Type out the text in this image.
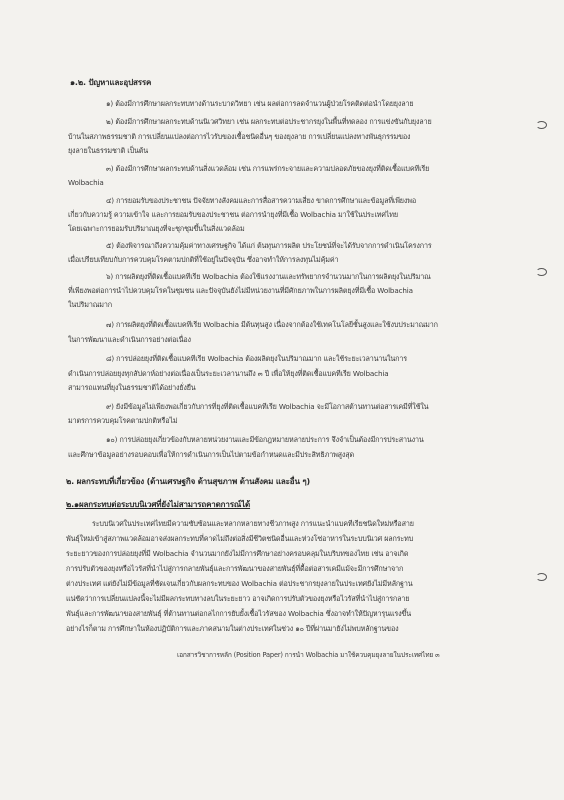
๑.๒. ปัญหาและอุปสรรค
๑) ต้องมีการศึกษาผลกระทบทางด้านระบาดวิทยา เช่น ผลต่อการลดจำนวนผู้ป่วยโรคติดต่อนำโดยยุงลาย
๒) ต้องมีการศึกษาผลกระทบด้านนิเวศวิทยา เช่น ผลกระทบต่อประชากรยุงในพื้นที่ทดลอง การแข่งขันกับยุงลาย
บ้านในสภาพธรรมชาติ การเปลี่ยนแปลงต่อการไวรับของเชื้อชนิดอื่นๆ ของยุงลาย การเปลี่ยนแปลงทางพันธุกรรมของ
ยุงลายในธรรมชาติ เป็นต้น
๓) ต้องมีการศึกษาผลกระทบด้านสิ่งแวดล้อม เช่น การแพร่กระจายและความปลอดภัยของยุงที่ติดเชื้อแบคทีเรีย
Wolbachia
๔) การยอมรับของประชาชน ปัจจัยทางสังคมและการสื่อสารความเสี่ยง ขาดการศึกษาและข้อมูลที่เพียงพอ
เกี่ยวกับความรู้ ความเข้าใจ และการยอมรับของประชาชน ต่อการนำยุงที่มีเชื้อ Wolbachia มาใช้ในประเทศไทย
โดยเฉพาะการยอมรับปริมาณยุงที่จะชุกชุมขึ้นในสิ่งแวดล้อม
๕) ต้องพิจารณาถึงความคุ้มค่าทางเศรษฐกิจ ได้แก่ ต้นทุนการผลิต ประโยชน์ที่จะได้รับจากการดำเนินโครงการ
เมื่อเปรียบเทียบกับการควบคุมโรคตามปกติที่ใช้อยู่ในปัจจุบัน ซึ่งอาจทำให้การลงทุนไม่คุ้มค่า
๖) การผลิตยุงที่ติดเชื้อแบคทีเรีย Wolbachia ต้องใช้แรงงานและทรัพยากรจำนวนมากในการผลิตยุงในปริมาณ
ที่เพียงพอต่อการนำไปควบคุมโรคในชุมชน และปัจจุบันยังไม่มีหน่วยงานที่มีศักยภาพในการผลิตยุงที่มีเชื้อ Wolbachia
ในปริมาณมาก
๗) การผลิตยุงที่ติดเชื้อแบคทีเรีย Wolbachia มีต้นทุนสูง เนื่องจากต้องใช้เทคโนโลยีชั้นสูงและใช้งบประมาณมาก
ในการพัฒนาและดำเนินการอย่างต่อเนื่อง
๘) การปล่อยยุงที่ติดเชื้อแบคทีเรีย Wolbachia ต้องผลิตยุงในปริมาณมาก และใช้ระยะเวลานานในการ
ดำเนินการปล่อยยุงทุกสัปดาห์อย่างต่อเนื่องเป็นระยะเวลานานถึง ๓ ปี เพื่อให้ยุงที่ติดเชื้อแบคทีเรีย Wolbachia
สามารถแทนที่ยุงในธรรมชาติได้อย่างยั่งยืน
๙) ยังมีข้อมูลไม่เพียงพอเกี่ยวกับการที่ยุงที่ติดเชื้อแบคทีเรีย Wolbachia จะมีโอกาสต้านทานต่อสารเคมีที่ใช้ใน
มาตรการควบคุมโรคตามปกติหรือไม่
๑๐) การปล่อยยุงเกี่ยวข้องกับหลายหน่วยงานและมีข้อกฎหมายหลายประการ จึงจำเป็นต้องมีการประสานงาน
และศึกษาข้อมูลอย่างรอบคอบเพื่อให้การดำเนินการเป็นไปตามข้อกำหนดและมีประสิทธิภาพสูงสุด
๒. ผลกระทบที่เกี่ยวข้อง (ด้านเศรษฐกิจ ด้านสุขภาพ ด้านสังคม และอื่น ๆ)
๒.๑ผลกระทบต่อระบบนิเวศที่ยังไม่สามารถคาดการณ์ได้
ระบบนิเวศในประเทศไทยมีความซับซ้อนและหลากหลายทางชีวภาพสูง การแนะนำแบคทีเรียชนิดใหม่หรือสาย
พันธุ์ใหม่เข้าสู่สภาพแวดล้อมอาจส่งผลกระทบที่คาดไม่ถึงต่อสิ่งมีชีวิตชนิดอื่นและห่วงโซ่อาหารในระบบนิเวศ ผลกระทบ
ระยะยาวของการปล่อยยุงที่มี Wolbachia จำนวนมากยังไม่มีการศึกษาอย่างครอบคลุมในบริบทของไทย เช่น อาจเกิด
การปรับตัวของยุงหรือไวรัสที่นำไปสู่การกลายพันธุ์และการพัฒนาของสายพันธุ์ที่ดื้อต่อสารเคมีแม้จะมีการศึกษาจาก
ต่างประเทศ แต่ยังไม่มีข้อมูลที่ชัดเจนเกี่ยวกับผลกระทบของ Wolbachia ต่อประชากรยุงลายในประเทศยังไม่มีหลักฐาน
แน่ชัดว่าการเปลี่ยนแปลงนี้จะไม่มีผลกระทบทางลบในระยะยาว อาจเกิดการปรับตัวของยุงหรือไวรัสที่นำไปสู่การกลาย
พันธุ์และการพัฒนาของสายพันธุ์ ที่ต้านทานต่อกลไกการยับยั้งเชื้อไวรัสของ Wolbachia ซึ่งอาจทำให้ปัญหารุนแรงขึ้น
อย่างไรก็ตาม การศึกษาในห้องปฏิบัติการและภาคสนามในต่างประเทศในช่วง ๑๐ ปีที่ผ่านมายังไม่พบหลักฐานของ
เอกสารวิชาการหลัก (Position Paper) การนำ Wolbachia มาใช้ควบคุมยุงลายในประเทศไทย ๓
